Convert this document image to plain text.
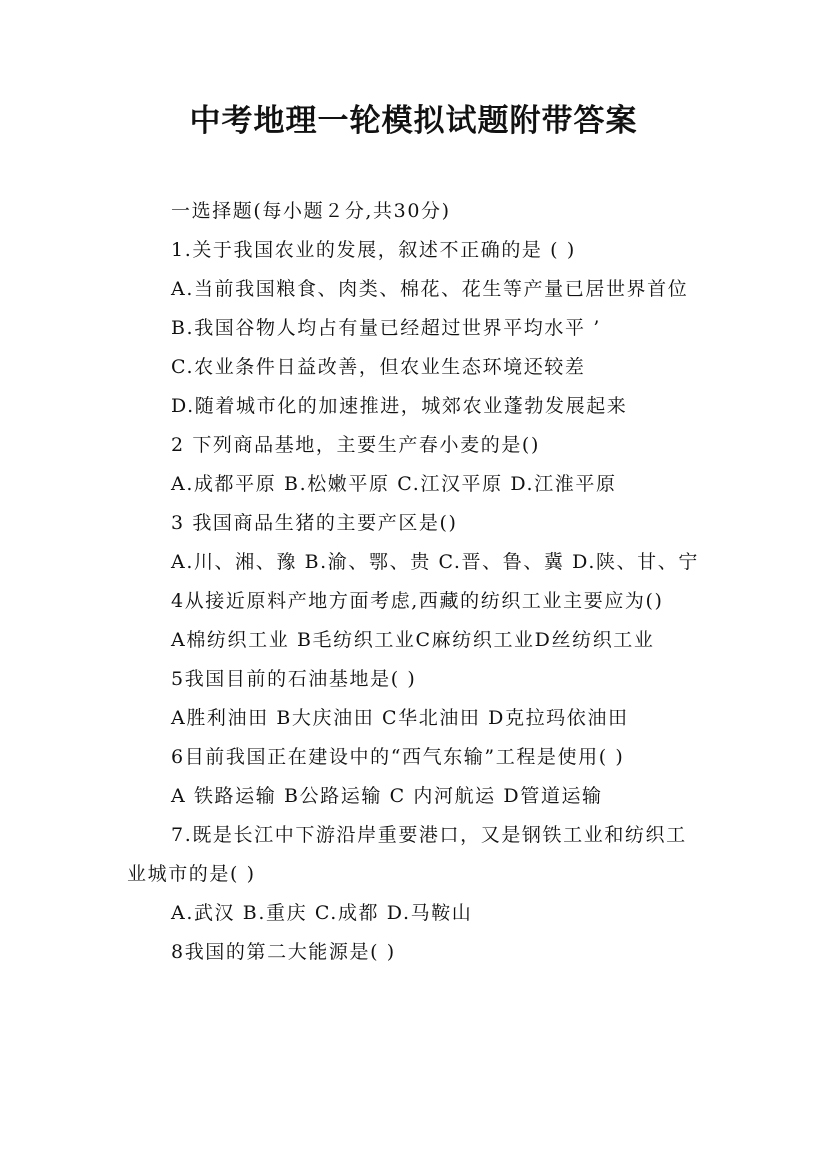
中考地理一轮模拟试题附带答案

一选择题(每小题２分,共30分)

1.关于我国农业的发展，叙述不正确的是 ( )

A.当前我国粮食、肉类、棉花、花生等产量已居世界首位

B.我国谷物人均占有量已经超过世界平均水平 ’

C.农业条件日益改善，但农业生态环境还较差

D.随着城市化的加速推进，城郊农业蓬勃发展起来

2 下列商品基地，主要生产春小麦的是()

A.成都平原 B.松嫩平原 C.江汉平原 D.江淮平原

3 我国商品生猪的主要产区是()

A.川、湘、豫 B.渝、鄂、贵 C.晋、鲁、冀 D.陕、甘、宁

4从接近原料产地方面考虑,西藏的纺织工业主要应为()

A棉纺织工业 B毛纺织工业C麻纺织工业D丝纺织工业

5我国目前的石油基地是( )

A胜利油田 B大庆油田 C华北油田 D克拉玛依油田

6目前我国正在建设中的“西气东输”工程是使用( )

A 铁路运输 B公路运输 C 内河航运 D管道运输

7.既是长江中下游沿岸重要港口，又是钢铁工业和纺织工业城市的是( )

A.武汉 B.重庆 C.成都 D.马鞍山

8我国的第二大能源是( )
